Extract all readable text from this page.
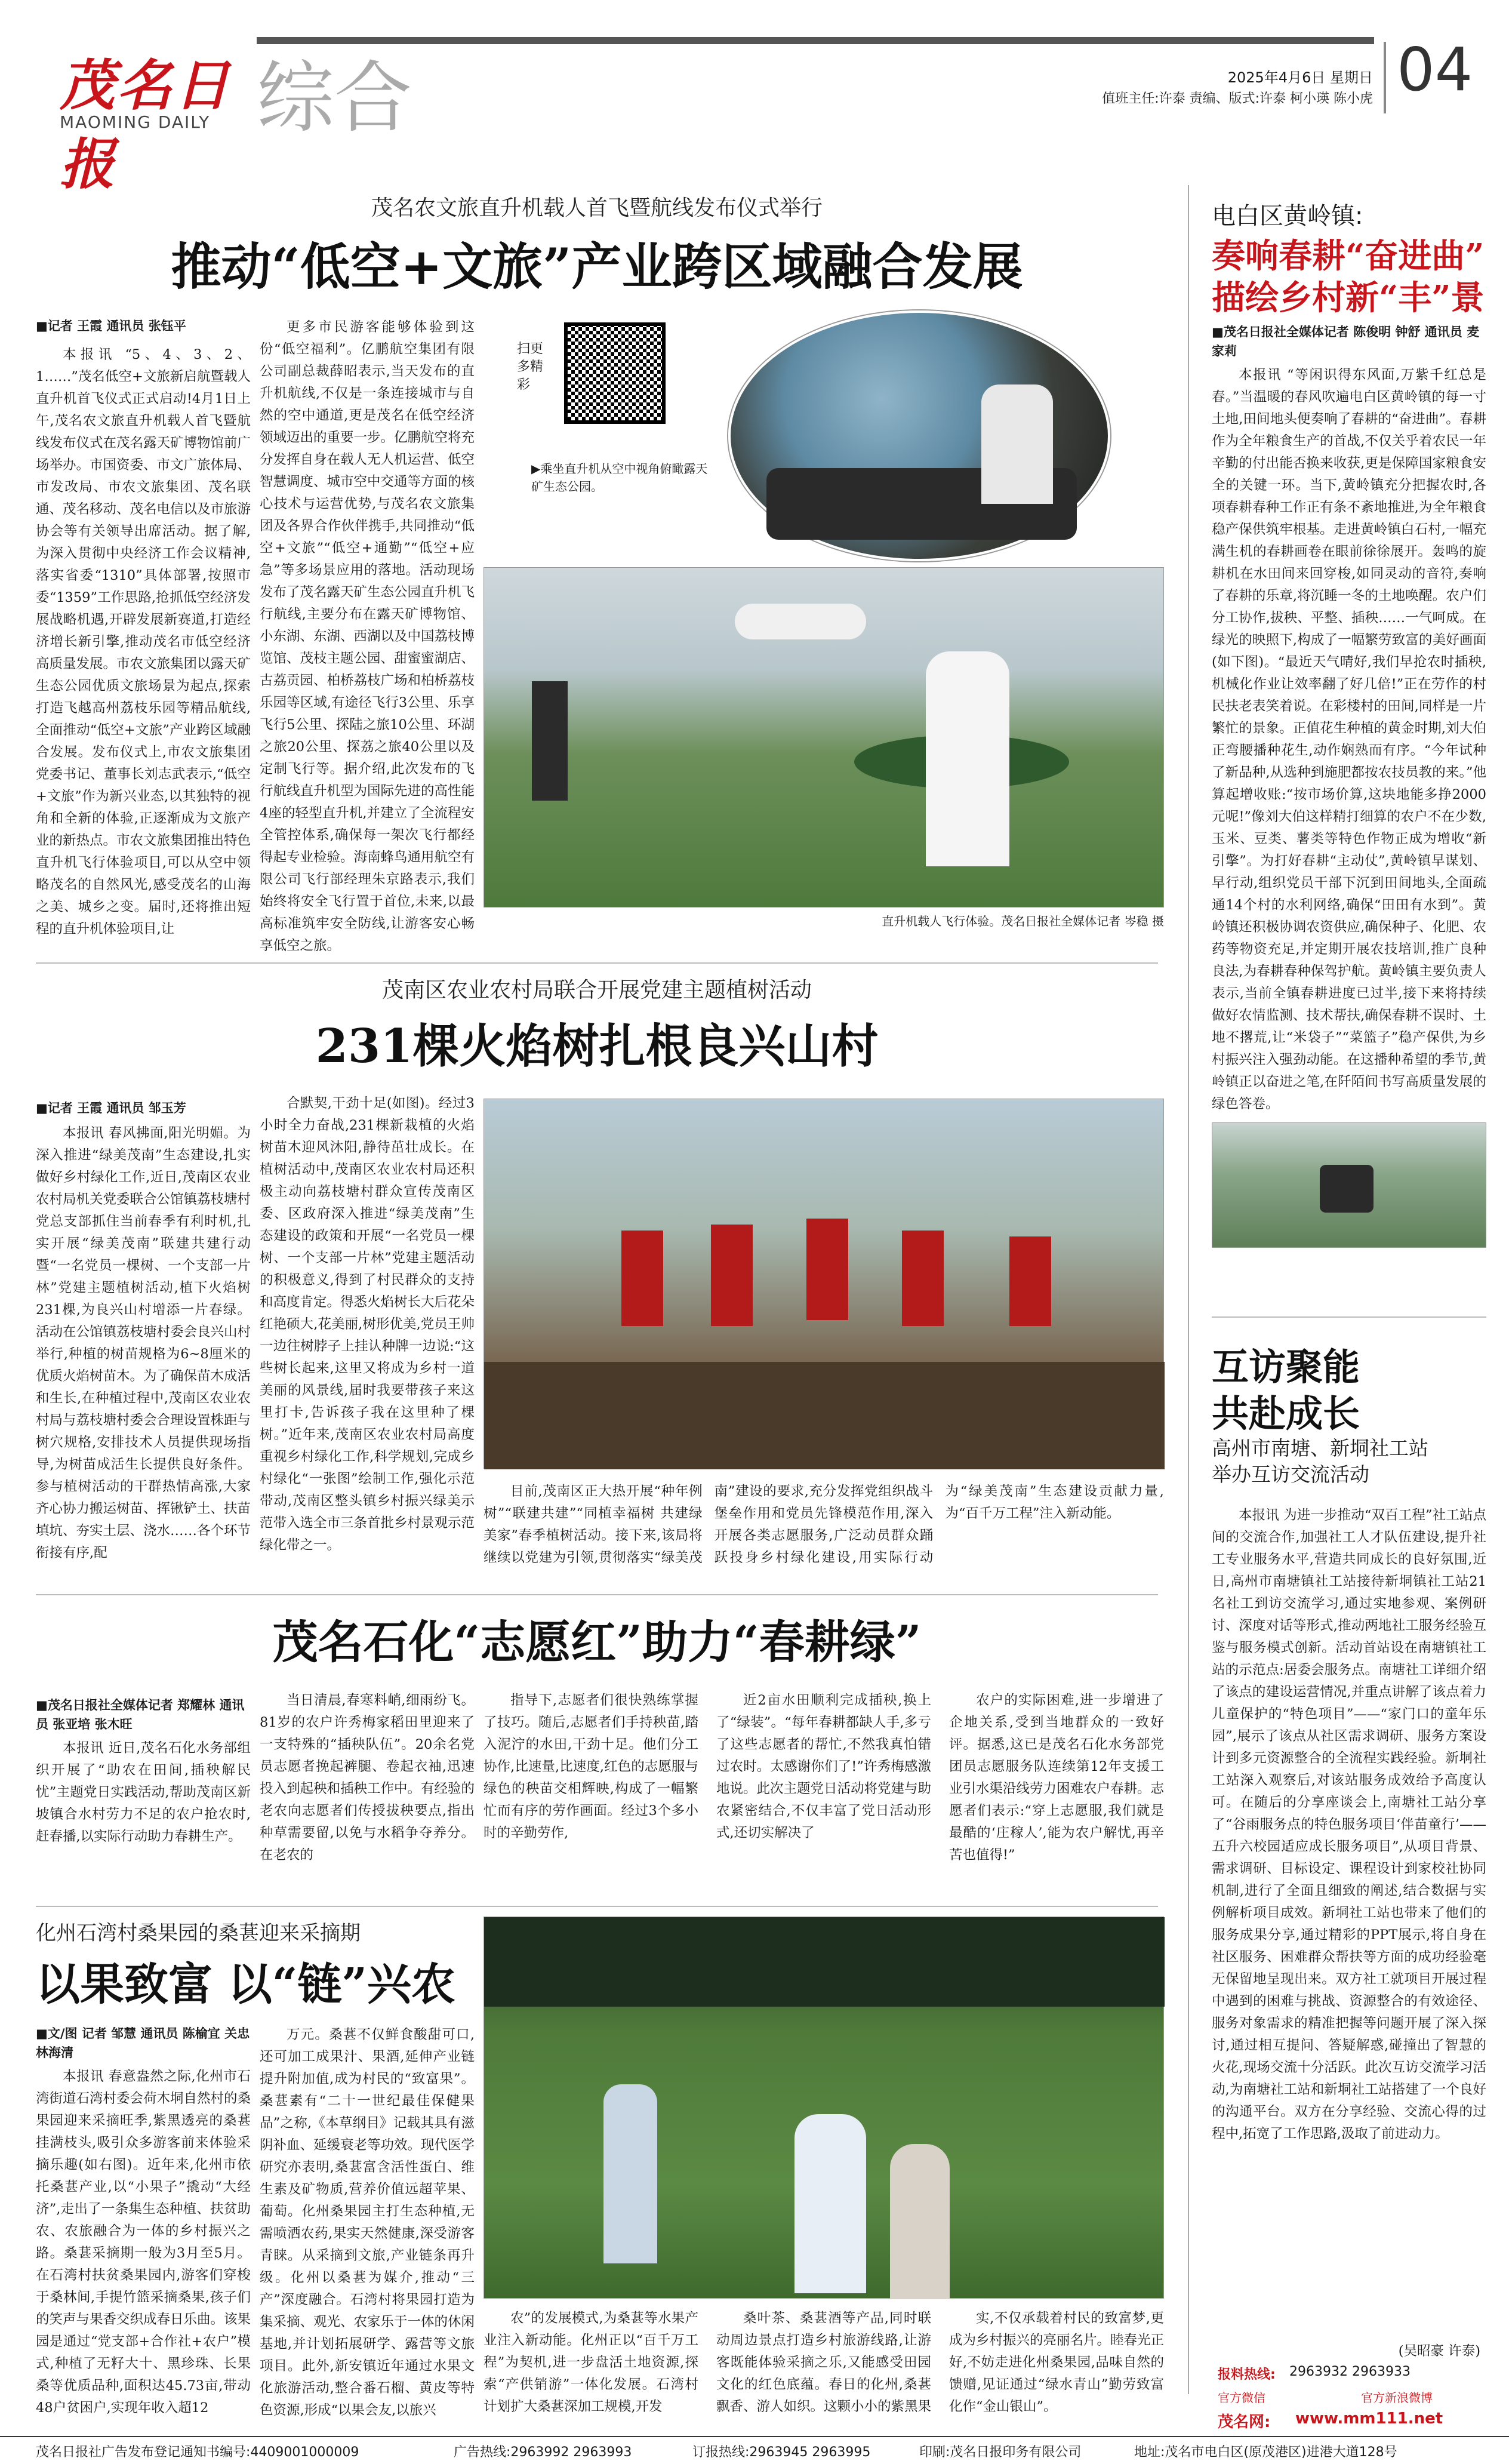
茂名日报
MAOMING DAILY 综合	2025年4月6日 星期日
值班主任:许泰 责编、版式:许泰 柯小瑛 陈小虎 04
茂名农文旅直升机载人首飞暨航线发布仪式举行
推动“低空+文旅”产业跨区域融合发展
■记者 王霞 通讯员 张钰平

本报讯 “5、4、3、2、1……”茂名低空+文旅新启航暨载人直升机首飞仪式正式启动!4月1日上午,茂名农文旅直升机载人首飞暨航线发布仪式在茂名露天矿博物馆前广场举办。市国资委、市文广旅体局、市发改局、市农文旅集团、茂名联通、茂名移动、茂名电信以及市旅游协会等有关领导出席活动。据了解,为深入贯彻中央经济工作会议精神,落实省委“1310”具体部署,按照市委“1359”工作思路,抢抓低空经济发展战略机遇,开辟发展新赛道,打造经济增长新引擎,推动茂名市低空经济高质量发展。市农文旅集团以露天矿生态公园优质文旅场景为起点,探索打造飞越高州荔枝乐园等精品航线,全面推动“低空+文旅”产业跨区域融合发展。发布仪式上,市农文旅集团党委书记、董事长刘志武表示,“低空+文旅”作为新兴业态,以其独特的视角和全新的体验,正逐渐成为文旅产业的新热点。市农文旅集团推出特色直升机飞行体验项目,可以从空中领略茂名的自然风光,感受茂名的山海之美、城乡之变。届时,还将推出短程的直升机体验项目,让

更多市民游客能够体验到这份“低空福利”。亿鹏航空集团有限公司副总裁薛昭表示,当天发布的直升机航线,不仅是一条连接城市与自然的空中通道,更是茂名在低空经济领域迈出的重要一步。亿鹏航空将充分发挥自身在载人无人机运营、低空智慧调度、城市空中交通等方面的核心技术与运营优势,与茂名农文旅集团及各界合作伙伴携手,共同推动“低空+文旅”“低空+通勤”“低空+应急”等多场景应用的落地。活动现场发布了茂名露天矿生态公园直升机飞行航线,主要分布在露天矿博物馆、小东湖、东湖、西湖以及中国荔枝博览馆、茂枝主题公园、甜蜜蜜湖店、古荔贡园、柏桥荔枝广场和柏桥荔枝乐园等区域,有途径飞行3公里、乐享飞行5公里、探陆之旅10公里、环湖之旅20公里、探荔之旅40公里以及定制飞行等。据介绍,此次发布的飞行航线直升机型为国际先进的高性能4座的轻型直升机,并建立了全流程安全管控体系,确保每一架次飞行都经得起专业检验。海南蜂鸟通用航空有限公司飞行部经理朱京路表示,我们始终将安全飞行置于首位,未来,以最高标准筑牢安全防线,让游客安心畅享低空之旅。

扫更多精彩
▶乘坐直升机从空中视角俯瞰露天矿生态公园。
直升机载人飞行体验。茂名日报社全媒体记者 岑稳 摄
茂南区农业农村局联合开展党建主题植树活动
231棵火焰树扎根良兴山村
■记者 王霞 通讯员 邹玉芳

本报讯 春风拂面,阳光明媚。为深入推进“绿美茂南”生态建设,扎实做好乡村绿化工作,近日,茂南区农业农村局机关党委联合公馆镇荔枝塘村党总支部抓住当前春季有利时机,扎实开展“绿美茂南”联建共建行动暨“一名党员一棵树、一个支部一片林”党建主题植树活动,植下火焰树231棵,为良兴山村增添一片春绿。活动在公馆镇荔枝塘村委会良兴山村举行,种植的树苗规格为6~8厘米的优质火焰树苗木。为了确保苗木成活和生长,在种植过程中,茂南区农业农村局与荔枝塘村委会合理设置株距与树穴规格,安排技术人员提供现场指导,为树苗成活生长提供良好条件。参与植树活动的干群热情高涨,大家齐心协力搬运树苗、挥锹铲土、扶苗填坑、夯实土层、浇水……各个环节衔接有序,配

合默契,干劲十足(如图)。经过3小时全力奋战,231棵新栽植的火焰树苗木迎风沐阳,静待茁壮成长。在植树活动中,茂南区农业农村局还积极主动向荔枝塘村群众宣传茂南区委、区政府深入推进“绿美茂南”生态建设的政策和开展“一名党员一棵树、一个支部一片林”党建主题活动的积极意义,得到了村民群众的支持和高度肯定。得悉火焰树长大后花朵红艳硕大,花美丽,树形优美,党员王帅一边往树脖子上挂认种牌一边说:“这些树长起来,这里又将成为乡村一道美丽的风景线,届时我要带孩子来这里打卡,告诉孩子我在这里种了棵树。”近年来,茂南区农业农村局高度重视乡村绿化工作,科学规划,完成乡村绿化“一张图”绘制工作,强化示范带动,茂南区整头镇乡村振兴绿美示范带入选全市三条首批乡村景观示范绿化带之一。

目前,茂南区正大热开展“种年例树”“联建共建”“同植幸福树 共建绿美家”春季植树活动。接下来,该局将继续以党建为引领,贯彻落实“绿美茂南”建设的要求,充分发挥党组织战斗堡垒作用和党员先锋模范作用,深入开展各类志愿服务,广泛动员群众踊跃投身乡村绿化建设,用实际行动为“绿美茂南”生态建设贡献力量,为“百千万工程”注入新动能。

茂名石化“志愿红”助力“春耕绿”
■茂名日报社全媒体记者 郑耀林 通讯员 张亚培 张木旺

本报讯 近日,茂名石化水务部组织开展了“助农在田间,插秧解民忧”主题党日实践活动,帮助茂南区新坡镇合水村劳力不足的农户抢农时,赶春播,以实际行动助力春耕生产。

当日清晨,春寒料峭,细雨纷飞。81岁的农户许秀梅家稻田里迎来了一支特殊的“插秧队伍”。20余名党员志愿者挽起裤腿、卷起衣袖,迅速投入到起秧和插秧工作中。有经验的老农向志愿者们传授拔秧要点,指出种草需要留,以免与水稻争夺养分。在老农的

指导下,志愿者们很快熟练掌握了技巧。随后,志愿者们手持秧苗,踏入泥泞的水田,干劲十足。他们分工协作,比速量,比速度,红色的志愿服与绿色的秧苗交相辉映,构成了一幅繁忙而有序的劳作画面。经过3个多小时的辛勤劳作,

近2亩水田顺利完成插秧,换上了“绿装”。“每年春耕都缺人手,多亏了这些志愿者的帮忙,不然我真怕错过农时。太感谢你们了!”许秀梅感激地说。此次主题党日活动将党建与助农紧密结合,不仅丰富了党日活动形式,还切实解决了

农户的实际困难,进一步增进了企地关系,受到当地群众的一致好评。据悉,这已是茂名石化水务部党团员志愿服务队连续第12年支援工业引水渠沿线劳力困难农户春耕。志愿者们表示:“穿上志愿服,我们就是最酷的‘庄稼人’,能为农户解忧,再辛苦也值得!”

化州石湾村桑果园的桑葚迎来采摘期
以果致富 以“链”兴农
■文/图 记者 邹慧 通讯员 陈榆宜 关忠 林海清

本报讯 春意盎然之际,化州市石湾街道石湾村委会荷木垌自然村的桑果园迎来采摘旺季,紫黑透亮的桑葚挂满枝头,吸引众多游客前来体验采摘乐趣(如右图)。近年来,化州市依托桑葚产业,以“小果子”撬动“大经济”,走出了一条集生态种植、扶贫助农、农旅融合为一体的乡村振兴之路。桑葚采摘期一般为3月至5月。在石湾村扶贫桑果园内,游客们穿梭于桑林间,手提竹篮采摘桑果,孩子们的笑声与果香交织成春日乐曲。该果园是通过“党支部+合作社+农户”模式,种植了无籽大十、黑珍珠、长果桑等优质品种,面积达45.73亩,带动48户贫困户,实现年收入超12

万元。桑葚不仅鲜食酸甜可口,还可加工成果汁、果酒,延伸产业链提升附加值,成为村民的“致富果”。桑葚素有“二十一世纪最佳保健果品”之称,《本草纲目》记载其具有滋阴补血、延缓衰老等功效。现代医学研究亦表明,桑葚富含活性蛋白、维生素及矿物质,营养价值远超苹果、葡萄。化州桑果园主打生态种植,无需喷洒农药,果实天然健康,深受游客青睐。从采摘到文旅,产业链条再升级。化州以桑葚为媒介,推动“三产”深度融合。石湾村将果园打造为集采摘、观光、农家乐于一体的休闲基地,并计划拓展研学、露营等文旅项目。此外,新安镇近年通过水果文化旅游活动,整合番石榴、黄皮等特色资源,形成“以果会友,以旅兴

农”的发展模式,为桑葚等水果产业注入新动能。化州正以“百千万工程”为契机,进一步盘活土地资源,探索“产供销游”一体化发展。石湾村计划扩大桑葚深加工规模,开发

桑叶茶、桑葚酒等产品,同时联动周边景点打造乡村旅游线路,让游客既能体验采摘之乐,又能感受田园文化的红色底蕴。春日的化州,桑葚飘香、游人如织。这颗小小的紫黑果

实,不仅承载着村民的致富梦,更成为乡村振兴的亮丽名片。睦春光正好,不妨走进化州桑果园,品味自然的馈赠,见证通过“绿水青山”勤劳致富化作“金山银山”。

电白区黄岭镇:
奏响春耕“奋进曲”
描绘乡村新“丰”景
■茂名日报社全媒体记者 陈俊明 钟舒 通讯员 麦家莉

本报讯 “等闲识得东风面,万紫千红总是春。”当温暖的春风吹遍电白区黄岭镇的每一寸土地,田间地头便奏响了春耕的“奋进曲”。春耕作为全年粮食生产的首战,不仅关乎着农民一年辛勤的付出能否换来收获,更是保障国家粮食安全的关键一环。当下,黄岭镇充分把握农时,各项春耕春种工作正有条不紊地推进,为全年粮食稳产保供筑牢根基。走进黄岭镇白石村,一幅充满生机的春耕画卷在眼前徐徐展开。轰鸣的旋耕机在水田间来回穿梭,如同灵动的音符,奏响了春耕的乐章,将沉睡一冬的土地唤醒。农户们分工协作,拔秧、平整、插秧……一气呵成。在绿光的映照下,构成了一幅繁劳致富的美好画面(如下图)。“最近天气晴好,我们早抢农时插秧,机械化作业让效率翻了好几倍!”正在劳作的村民扶老表笑着说。在彩楼村的田间,同样是一片繁忙的景象。正值花生种植的黄金时期,刘大伯正弯腰播种花生,动作娴熟而有序。“今年试种了新品种,从选种到施肥都按农技员教的来。”他算起增收账:“按市场价算,这块地能多挣2000元呢!”像刘大伯这样精打细算的农户不在少数,玉米、豆类、薯类等特色作物正成为增收“新引擎”。为打好春耕“主动仗”,黄岭镇早谋划、早行动,组织党员干部下沉到田间地头,全面疏通14个村的水利网络,确保“田田有水到”。黄岭镇还积极协调农资供应,确保种子、化肥、农药等物资充足,并定期开展农技培训,推广良种良法,为春耕春种保驾护航。黄岭镇主要负责人表示,当前全镇春耕进度已过半,接下来将持续做好农情监测、技术帮扶,确保春耕不误时、土地不撂荒,让“米袋子”“菜篮子”稳产保供,为乡村振兴注入强劲动能。在这播种希望的季节,黄岭镇正以奋进之笔,在阡陌间书写高质量发展的绿色答卷。

互访聚能
共赴成长
高州市南塘、新垌社工站
举办互访交流活动

本报讯 为进一步推动“双百工程”社工站点间的交流合作,加强社工人才队伍建设,提升社工专业服务水平,营造共同成长的良好氛围,近日,高州市南塘镇社工站接待新垌镇社工站21名社工到访交流学习,通过实地参观、案例研讨、深度对话等形式,推动两地社工服务经验互鉴与服务模式创新。活动首站设在南塘镇社工站的示范点:居委会服务点。南塘社工详细介绍了该点的建设运营情况,并重点讲解了该点着力儿童保护的“特色项目”——“家门口的童年乐园”,展示了该点从社区需求调研、服务方案设计到多元资源整合的全流程实践经验。新垌社工站深入观察后,对该站服务成效给予高度认可。在随后的分享座谈会上,南塘社工站分享了“谷雨服务点的特色服务项目‘伴苗童行’——五升六校园适应成长服务项目”,从项目背景、需求调研、目标设定、课程设计到家校社协同机制,进行了全面且细致的阐述,结合数据与实例解析项目成效。新垌社工站也带来了他们的服务成果分享,通过精彩的PPT展示,将自身在社区服务、困难群众帮扶等方面的成功经验毫无保留地呈现出来。双方社工就项目开展过程中遇到的困难与挑战、资源整合的有效途径、服务对象需求的精准把握等问题开展了深入探讨,通过相互提问、答疑解惑,碰撞出了智慧的火花,现场交流十分活跃。此次互访交流学习活动,为南塘社工站和新垌社工站搭建了一个良好的沟通平台。双方在分享经验、交流心得的过程中,拓宽了工作思路,汲取了前进动力。

(吴昭豪 许泰)
报料热线: 2963932 2963933
官方微信	官方新浪微博
茂名网: www.mm111.net
茂名日报社广告发布登记通知书编号:4409001000009	广告热线:2963992 2963993	订报热线:2963945 2963995	印刷:茂名日报印务有限公司	地址:茂名市电白区(原茂港区)进港大道128号
